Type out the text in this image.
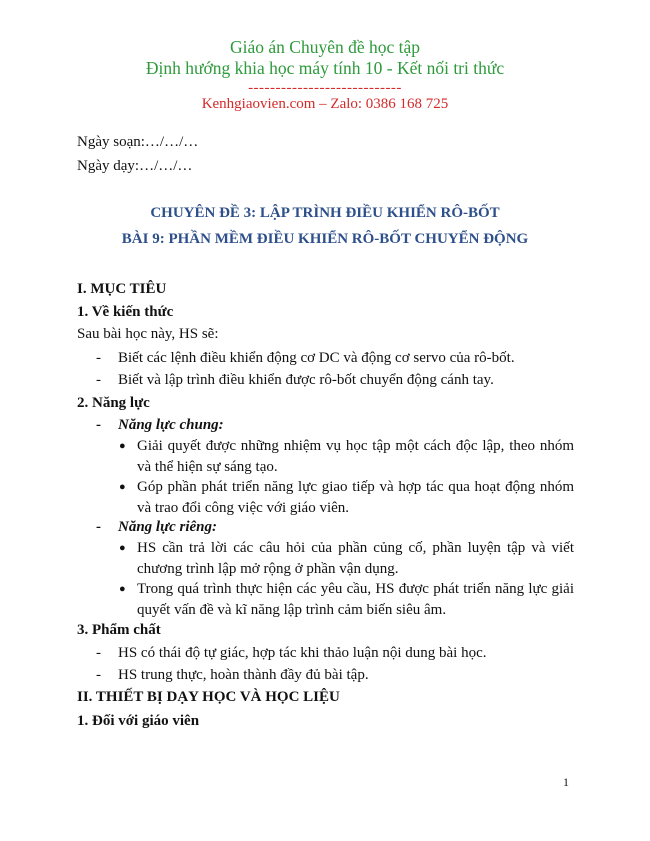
Giáo án Chuyên đề học tập
Định hướng khia học máy tính 10 - Kết nối tri thức
----------------------------
Kenhgiaovien.com – Zalo: 0386 168 725
Ngày soạn:…/…/…
Ngày dạy:…/…/…
CHUYÊN ĐỀ 3: LẬP TRÌNH ĐIỀU KHIỂN RÔ-BỐT
BÀI 9: PHẦN MỀM ĐIỀU KHIỂN RÔ-BỐT CHUYỂN ĐỘNG
I. MỤC TIÊU
1. Về kiến thức
Sau bài học này, HS sẽ:
- Biết các lệnh điều khiển động cơ DC và động cơ servo của rô-bốt.
- Biết và lập trình điều khiển được rô-bốt chuyển động cánh tay.
2. Năng lực
- Năng lực chung:
● Giải quyết được những nhiệm vụ học tập một cách độc lập, theo nhóm và thể hiện sự sáng tạo.
● Góp phần phát triển năng lực giao tiếp và hợp tác qua hoạt động nhóm và trao đổi công việc với giáo viên.
- Năng lực riêng:
● HS cần trả lời các câu hỏi của phần củng cố, phần luyện tập và viết chương trình lập mở rộng ở phần vận dụng.
● Trong quá trình thực hiện các yêu cầu, HS được phát triển năng lực giải quyết vấn đề và kĩ năng lập trình cảm biến siêu âm.
3. Phẩm chất
- HS có thái độ tự giác, hợp tác khi thảo luận nội dung bài học.
- HS trung thực, hoàn thành đầy đủ bài tập.
II. THIẾT BỊ DẠY HỌC VÀ HỌC LIỆU
1. Đối với giáo viên
1
